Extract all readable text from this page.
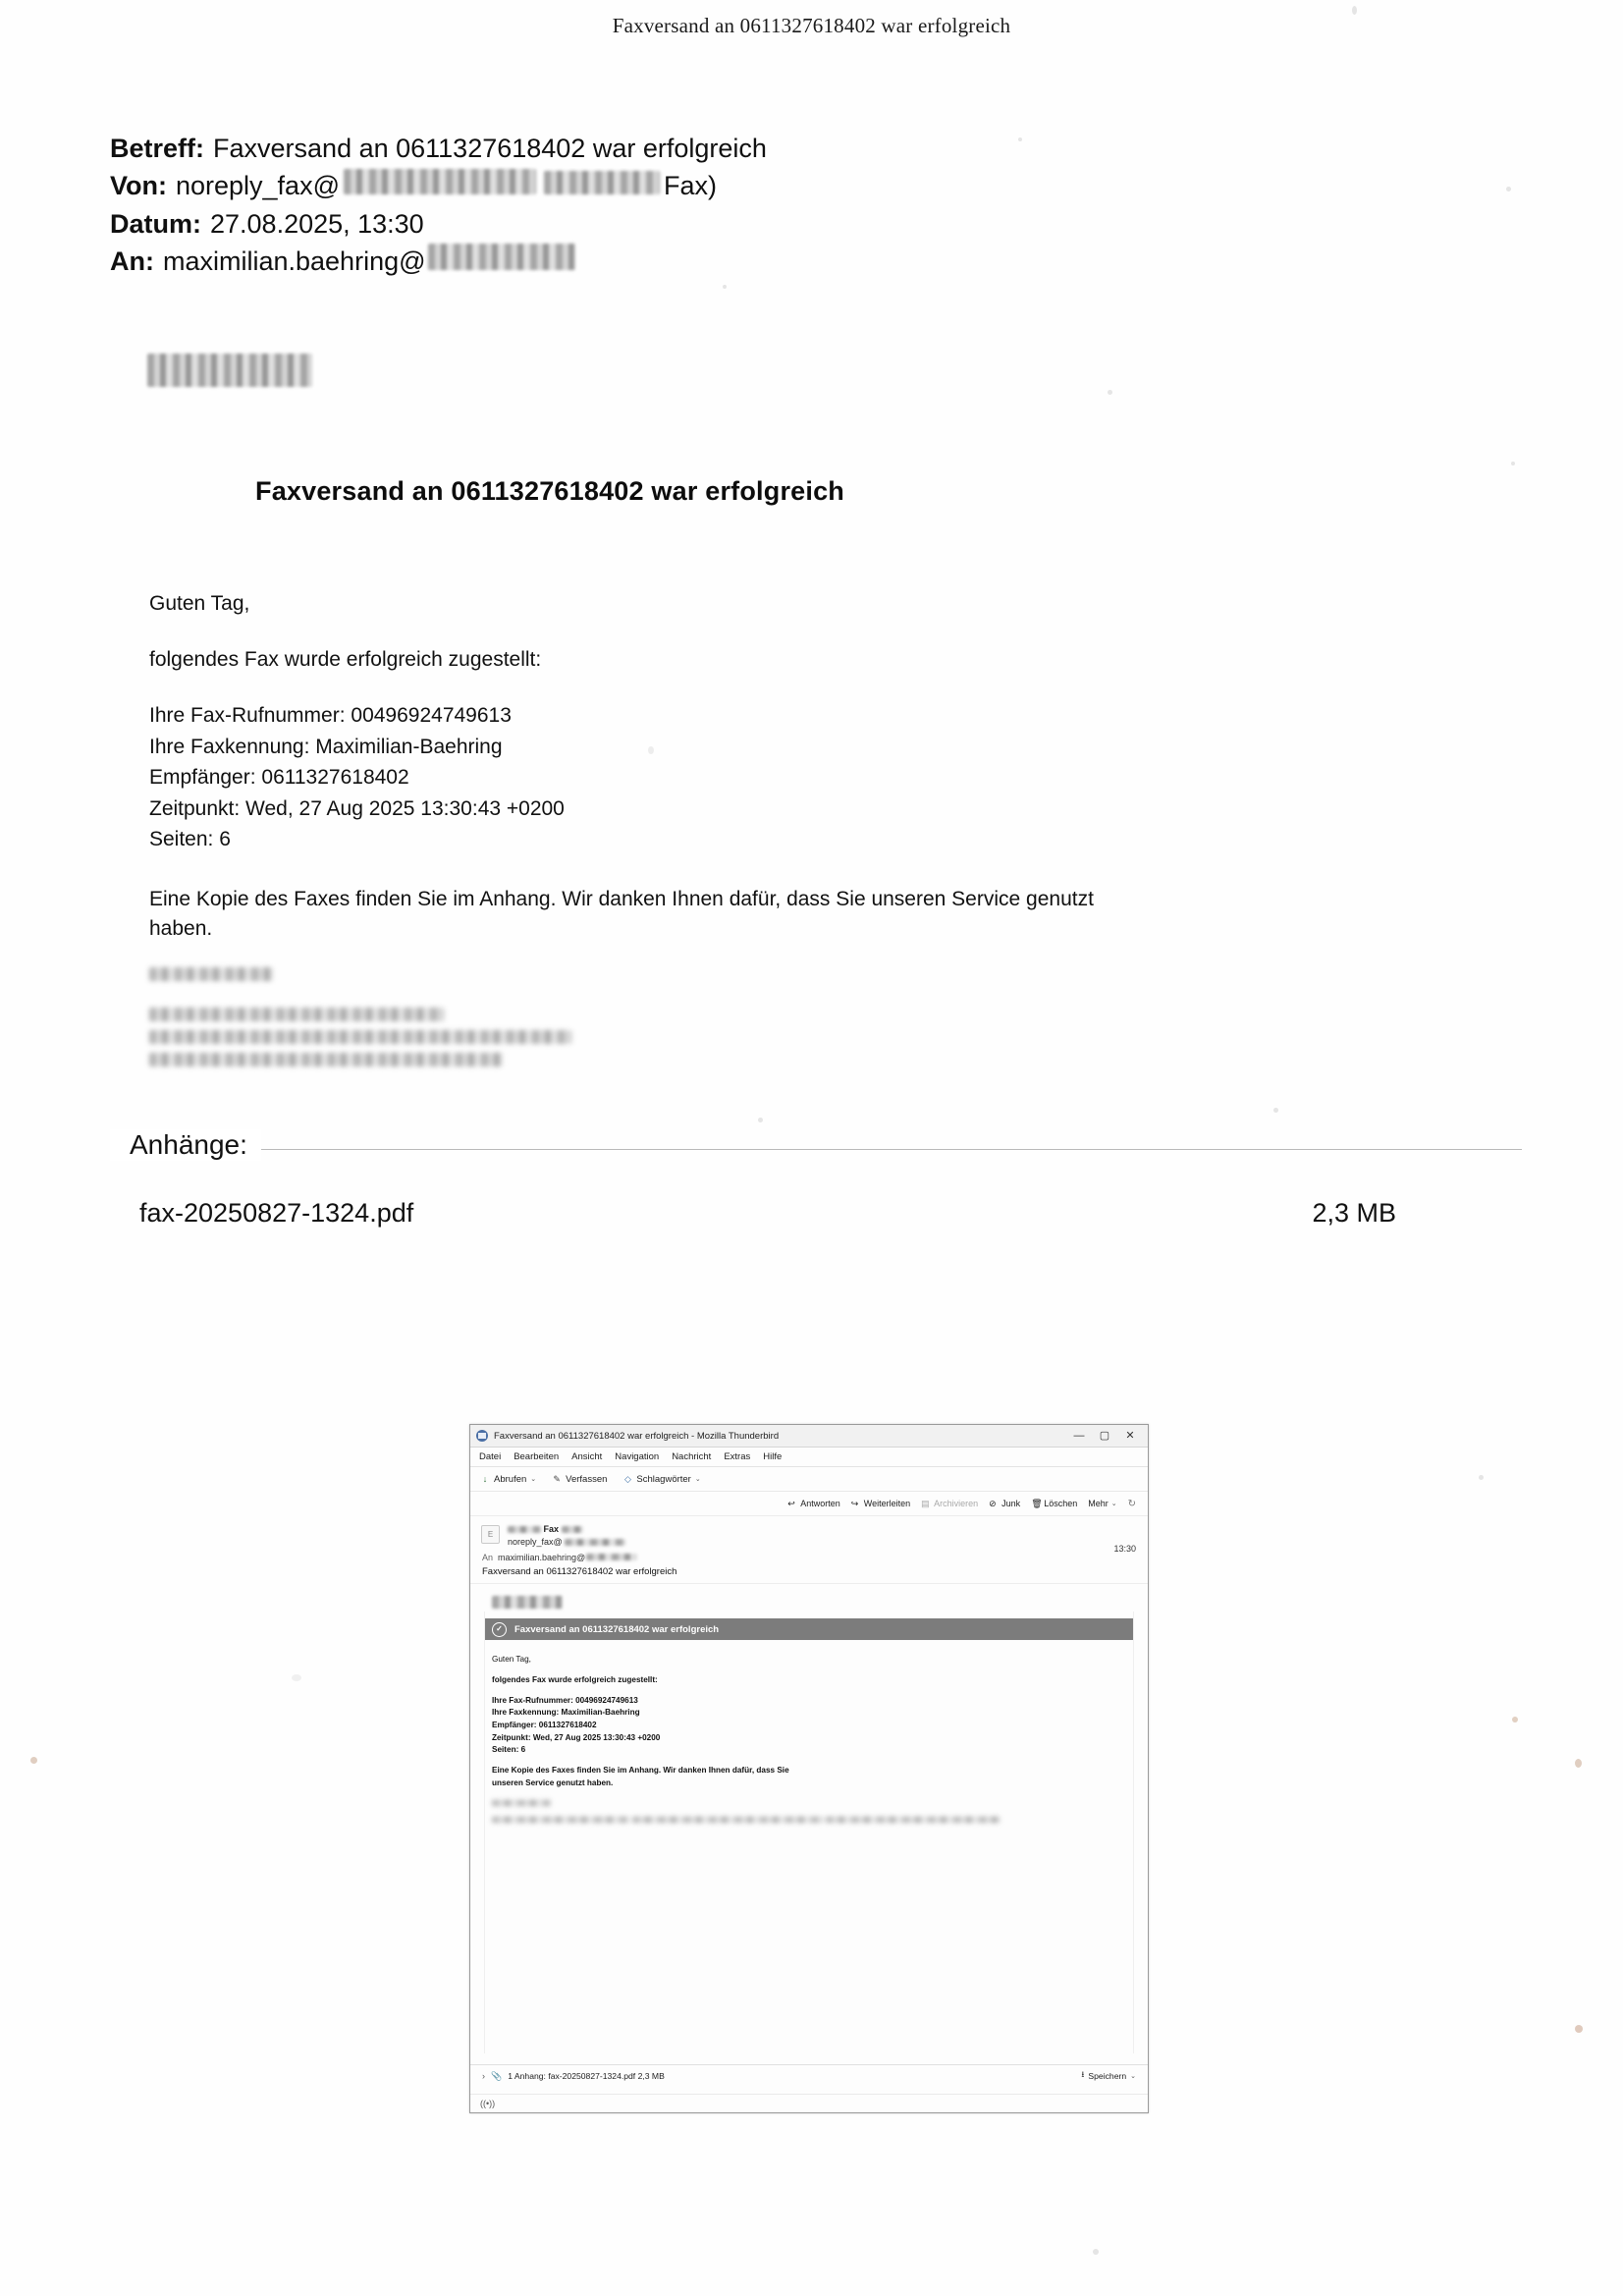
Faxversand an 0611327618402 war erfolgreich
Betreff: Faxversand an 0611327618402 war erfolgreich
Von: noreply_fax@	Fax)
Datum: 27.08.2025, 13:30
An: maximilian.baehring@
Faxversand an 0611327618402 war erfolgreich

Guten Tag,

folgendes Fax wurde erfolgreich zugestellt:

Ihre Fax-Rufnummer: 00496924749613

Ihre Faxkennung: Maximilian-Baehring

Empfänger: 0611327618402

Zeitpunkt: Wed, 27 Aug 2025 13:30:43 +0200

Seiten: 6

Eine Kopie des Faxes finden Sie im Anhang. Wir danken Ihnen dafür, dass Sie unseren Service genutzt haben.

Anhänge:
fax-20250827-1324.pdf	2,3 MB
Faxversand an 0611327618402 war erfolgreich - Mozilla Thunderbird	— ▢ ✕
Datei Bearbeiten Ansicht Navigation Nachricht Extras Hilfe
↓
Abrufen ⌄ ✎	Verfassen ◇	Schlagwörter ⌄
↩ Antworten ↪ Weiterleiten ▤ Archivieren ⊘ Junk 🗑 Löschen Mehr ⌄ ↻
E
Fax
noreply_fax@
An maximilian.baehring@
13:30
Faxversand an 0611327618402 war erfolgreich
✓	Faxversand an 0611327618402 war erfolgreich

Guten Tag,

folgendes Fax wurde erfolgreich zugestellt:

Ihre Fax-Rufnummer: 00496924749613

Ihre Faxkennung: Maximilian-Baehring

Empfänger: 0611327618402

Zeitpunkt: Wed, 27 Aug 2025 13:30:43 +0200

Seiten: 6

Eine Kopie des Faxes finden Sie im Anhang. Wir danken Ihnen dafür, dass Sie unseren Service genutzt haben.

› 📎 1 Anhang: fax-20250827-1324.pdf 2,3 MB	⭳ Speichern ⌄
((•))
